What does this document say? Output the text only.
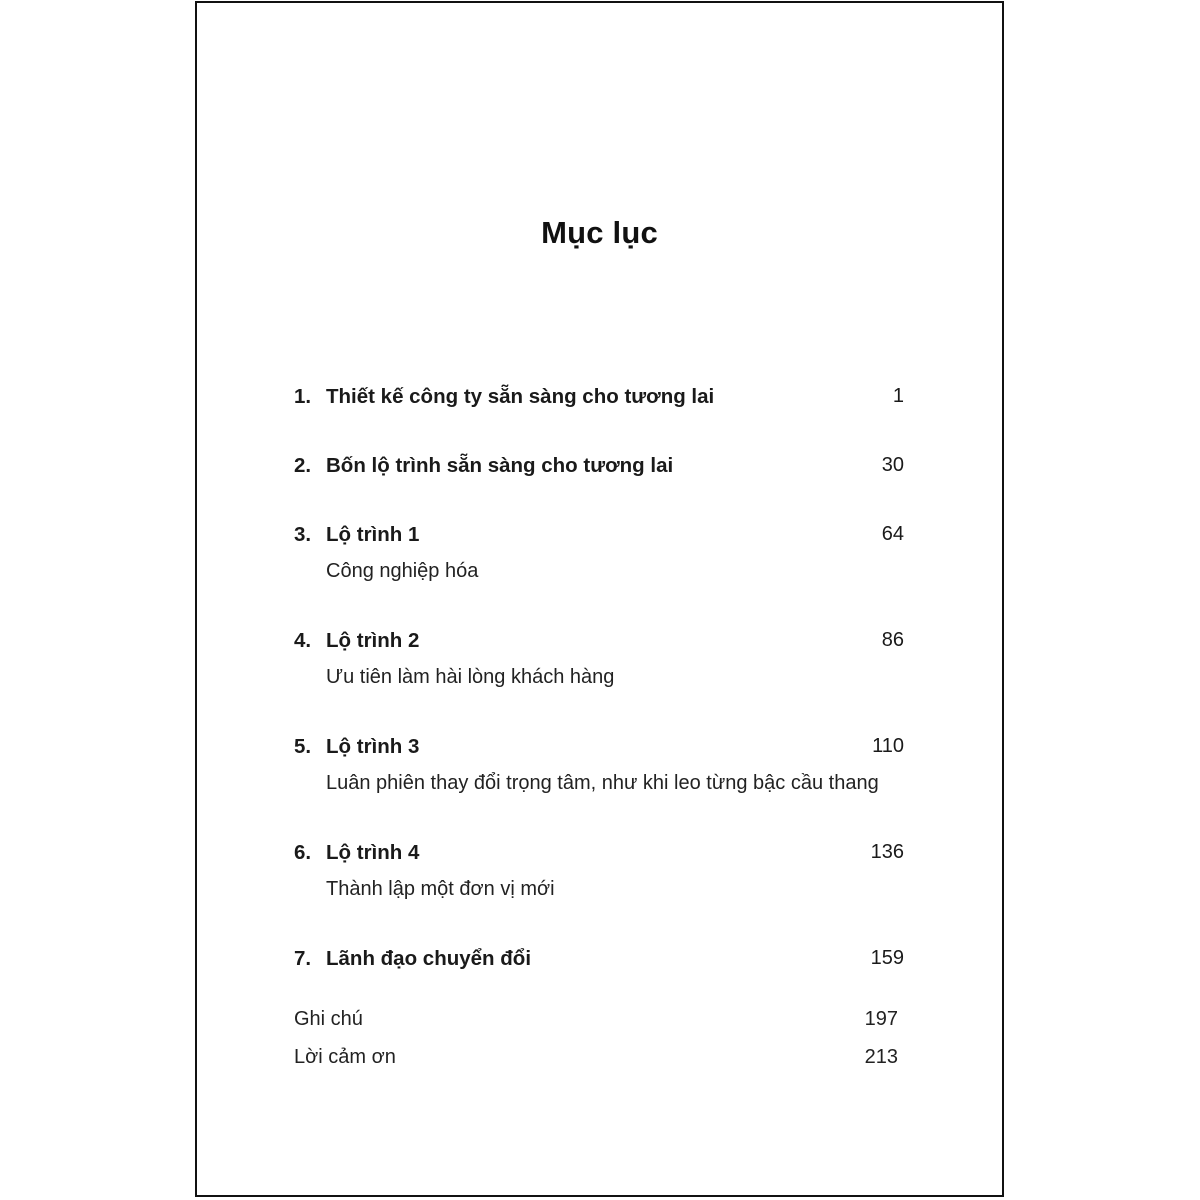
Mục lục
1. Thiết kế công ty sẵn sàng cho tương lai	1
2. Bốn lộ trình sẵn sàng cho tương lai	30
3. Lộ trình 1	64
Công nghiệp hóa
4. Lộ trình 2	86
Ưu tiên làm hài lòng khách hàng
5. Lộ trình 3	110
Luân phiên thay đổi trọng tâm, như khi leo từng bậc cầu thang
6. Lộ trình 4	136
Thành lập một đơn vị mới
7. Lãnh đạo chuyển đổi	159
Ghi chú	197
Lời cảm ơn	213
